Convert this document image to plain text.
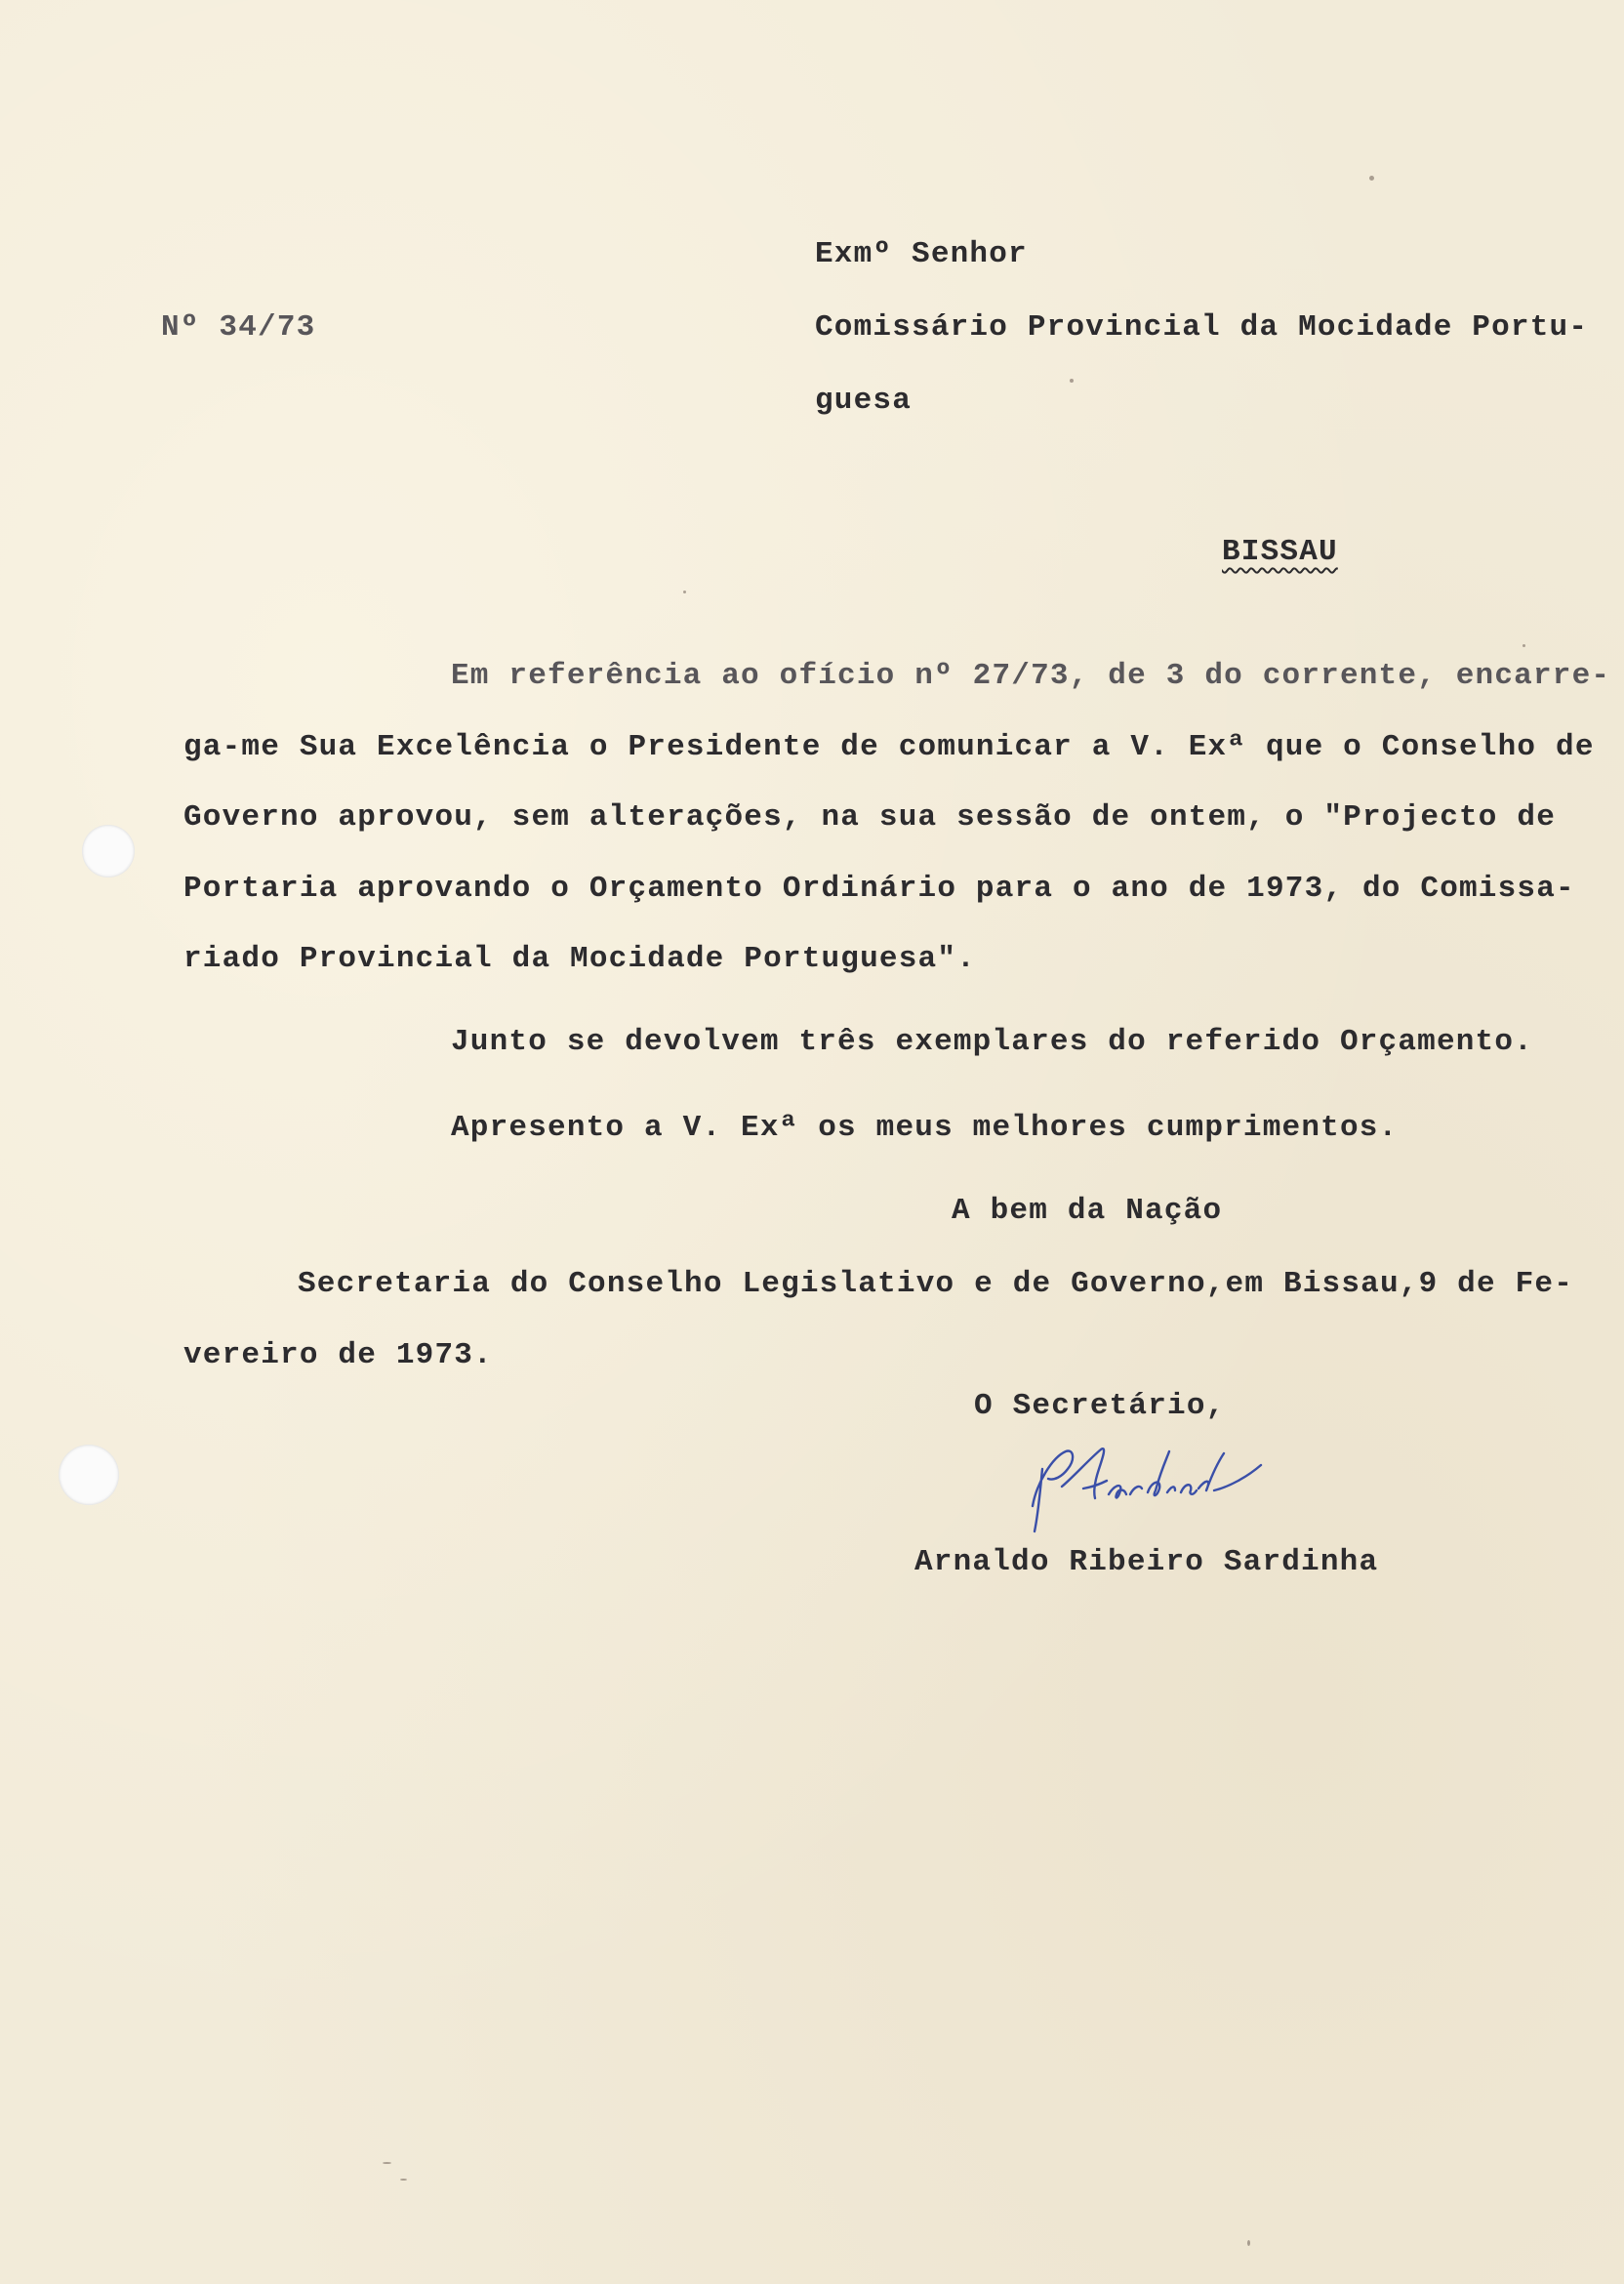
Exmº Senhor
Nº 34/73	Comissário Provincial da Mocidade Portu-
guesa
BISSAU
Em referência ao ofício nº 27/73, de 3 do corrente, encarre-
ga-me Sua Excelência o Presidente de comunicar a V. Exª que o Conselho de
Governo aprovou, sem alterações, na sua sessão de ontem, o "Projecto de
Portaria aprovando o Orçamento Ordinário para o ano de 1973, do Comissa-
riado Provincial da Mocidade Portuguesa".
Junto se devolvem três exemplares do referido Orçamento.
Apresento a V. Exª os meus melhores cumprimentos.
A bem da Nação
Secretaria do Conselho Legislativo e de Governo,em Bissau,9 de Fe-
vereiro de 1973.
O Secretário,
Arnaldo Ribeiro Sardinha
